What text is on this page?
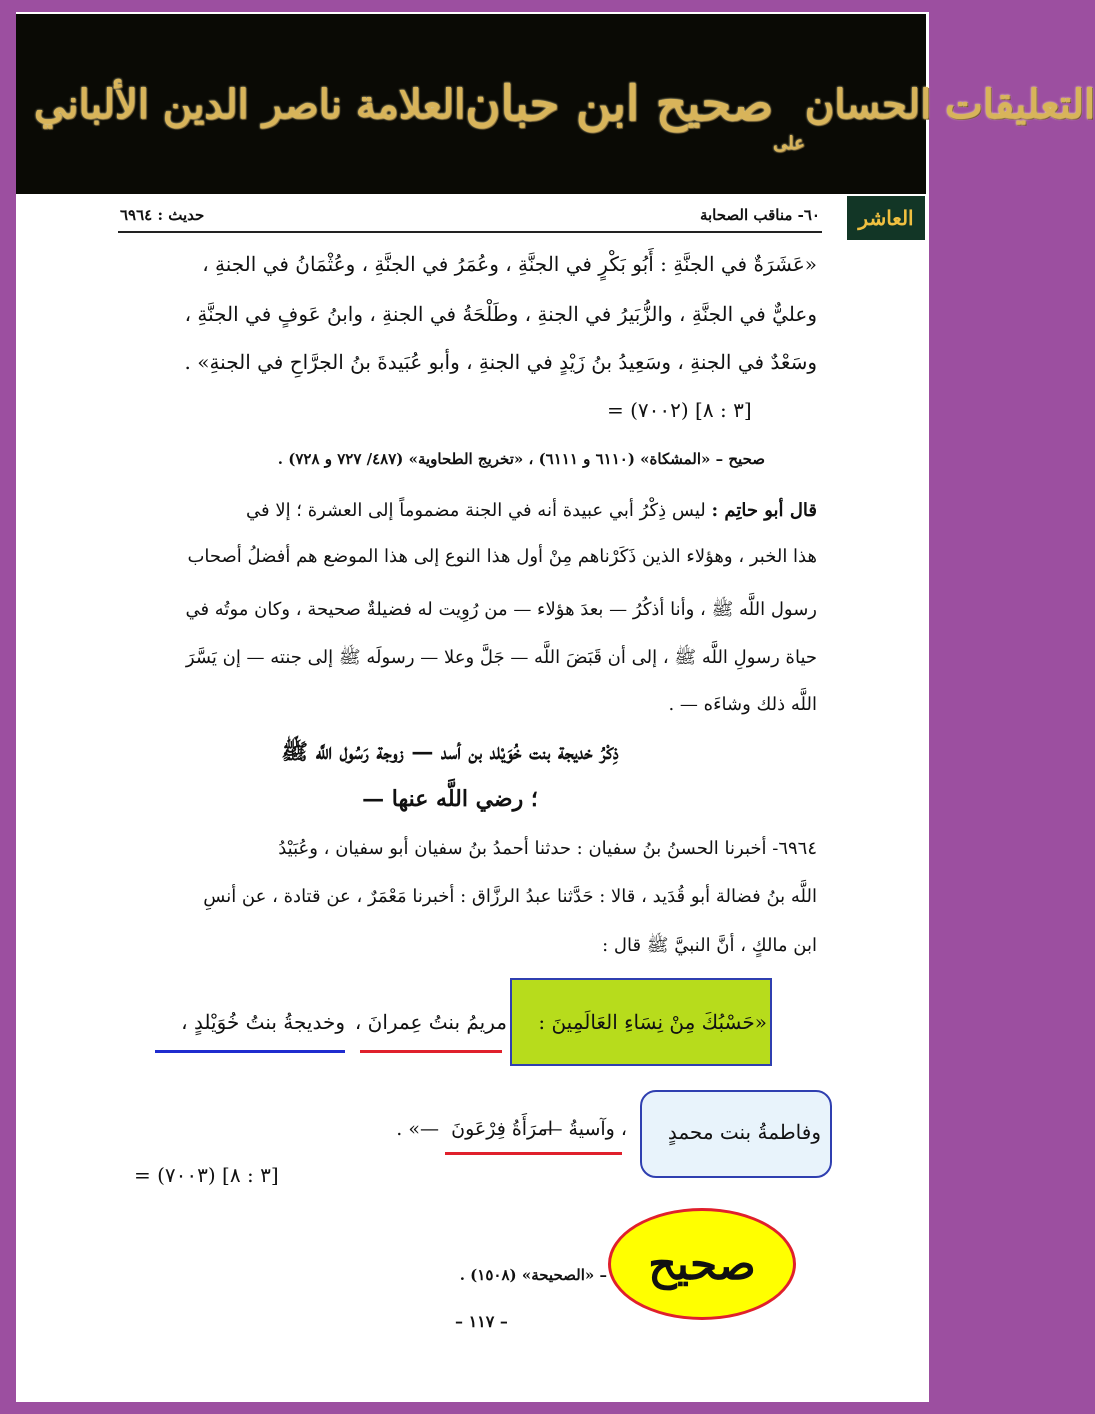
التعليقات الحسان
على
صحيح ابن حبان
العلامة ناصر الدين الألباني
العاشر
٦٠- مناقب الصحابة
حديث : ٦٩٦٤
«عَشَرَةٌ في الجنَّةِ : أَبُو بَكْرٍ في الجنَّةِ ، وعُمَرُ في الجنَّةِ ، وعُثْمَانُ في الجنةِ ،
وعليٌّ في الجنَّةِ ، والزُّبَيرُ في الجنةِ ، وطَلْحَةُ في الجنةِ ، وابنُ عَوفٍ في الجنَّةِ ،
وسَعْدٌ في الجنةِ ، وسَعِيدُ بنُ زَيْدٍ في الجنةِ ، وأبو عُبَيدةَ بنُ الجرَّاحِ في الجنةِ» .
= (٧٠٠٢) [٣ : ٨]
صحيح – «المشكاة» (٦١١٠ و ٦١١١) ، «تخريج الطحاوية» (٤٨٧/ ٧٢٧ و ٧٢٨) .
قال أبو حاتِم : ليس ذِكْرُ أبي عبيدة أنه في الجنة مضموماً إلى العشرة ؛ إلا في
هذا الخبر ، وهؤلاء الذين ذَكَرْناهم مِنْ أول هذا النوع إلى هذا الموضع هم أفضلُ أصحاب
رسول اللَّه ﷺ ، وأنا أذكُرُ — بعدَ هؤلاء — من رُوِيت له فضيلةٌ صحيحة ، وكان موتُه في
حياة رسولِ اللَّه ﷺ ، إلى أن قَبَضَ اللَّه — جَلَّ وعلا — رسولَه ﷺ إلى جنته — إن يَسَّرَ
اللَّه ذلك وشاءَه — .
ذِكْرُ خديجة بنت خُوَيْلد بن أسد — زوجة رَسُول اللَّه ﷺ
؛ رضي اللَّه عنها —
٦٩٦٤- أخبرنا الحسنُ بنُ سفيان : حدثنا أحمدُ بنُ سفيان أبو سفيان ، وعُبَيْدُ
اللَّه بنُ فضالة أبو قُدَيد ، قالا : حَدَّثنا عبدُ الرزَّاق : أخبرنا مَعْمَرٌ ، عن قتادة ، عن أنسِ
ابن مالكٍ ، أنَّ النبيَّ ﷺ قال :
«حَسْبُكَ مِنْ نِسَاءِ العَالَمِينَ :
مريمُ بنتُ عِمرانَ ،
وخديجةُ بنتُ خُوَيْلدٍ ،
وفاطمةُ بنت محمدٍ
، وآسيةُ —
امرَأَةُ فِرْعَونَ
—» .
= (٧٠٠٣) [٣ : ٨]
صحيح
– «الصحيحة» (١٥٠٨) .
– ١١٧ –
